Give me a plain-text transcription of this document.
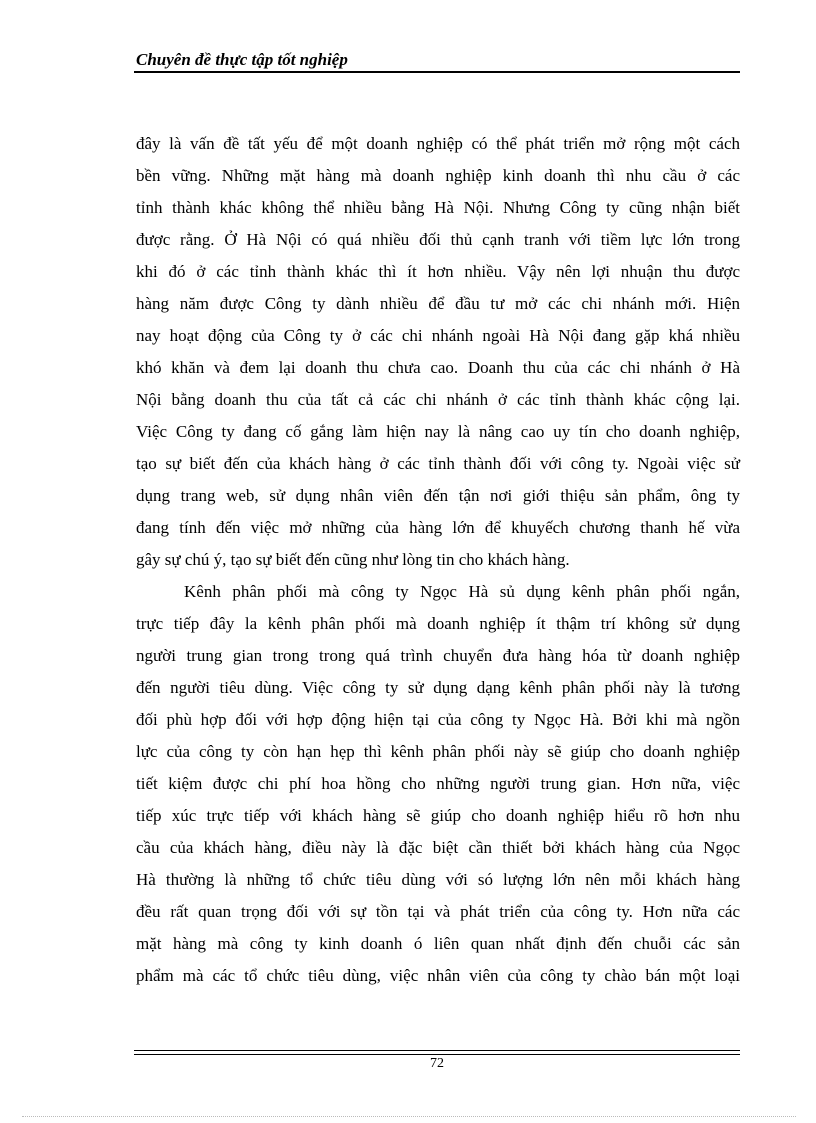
Chuyên đề thực tập tốt nghiệp
đây là vấn đề tất yếu để một doanh nghiệp có thể phát triển mở rộng một cách
bền vững. Những mặt hàng mà doanh nghiệp kinh doanh thì nhu cầu ở các
tỉnh thành khác không thể nhiều bằng Hà Nội. Nhưng Công ty cũng nhận biết
được rằng. Ở Hà Nội có quá nhiều đối thủ cạnh tranh với tiềm lực lớn trong
khi đó ở các tỉnh thành khác thì ít hơn nhiều. Vậy nên lợi nhuận thu được
hàng năm được Công ty dành nhiều để đầu tư mở các chi nhánh mới. Hiện
nay hoạt động của Công ty ở các chi nhánh ngoài Hà Nội đang gặp khá nhiều
khó khăn và đem lại doanh thu chưa cao. Doanh thu của các chi nhánh ở Hà
Nội bằng doanh thu của tất cả các chi nhánh ở các tỉnh thành khác cộng lại.
Việc Công ty đang cố gắng làm hiện nay là nâng cao uy tín cho doanh nghiệp,
tạo sự biết đến của khách hàng ở các tỉnh thành đối với công ty. Ngoài việc sử
dụng trang web, sử dụng nhân viên đến tận nơi giới thiệu sản phẩm, ông ty
đang tính đến việc mở những của hàng lớn để khuyếch chương thanh hế vừa
gây sự chú ý, tạo sự biết đến cũng như lòng tin cho khách hàng.
Kênh phân phối mà công ty Ngọc Hà sủ dụng kênh phân phối ngắn,
trực tiếp đây la kênh phân phối mà doanh nghiệp ít thậm trí không sử dụng
người trung gian trong trong quá trình chuyển đưa hàng hóa từ doanh nghiệp
đến người tiêu dùng. Việc công ty sử dụng dạng kênh phân phối này là tương
đối phù hợp đối với hợp động hiện tại của công ty Ngọc Hà. Bởi khi mà ngồn
lực của công ty còn hạn hẹp thì kênh phân phối này sẽ giúp cho doanh nghiệp
tiết kiệm được chi phí hoa hồng cho những người trung gian. Hơn nữa, việc
tiếp xúc trực tiếp với khách hàng sẽ giúp cho doanh nghiệp hiểu rõ hơn nhu
cầu của khách hàng, điều này là đặc biệt cần thiết bởi khách hàng của Ngọc
Hà thường là những tổ chức tiêu dùng với só lượng lớn nên mỗi khách hàng
đều rất quan trọng đối với sự tồn tại và phát triển của công ty. Hơn nữa các
mặt hàng mà công ty kinh doanh ó liên quan nhất định đến chuỗi các sản
phẩm mà các tổ chức tiêu dùng, việc nhân viên của công ty chào bán một loại
72
